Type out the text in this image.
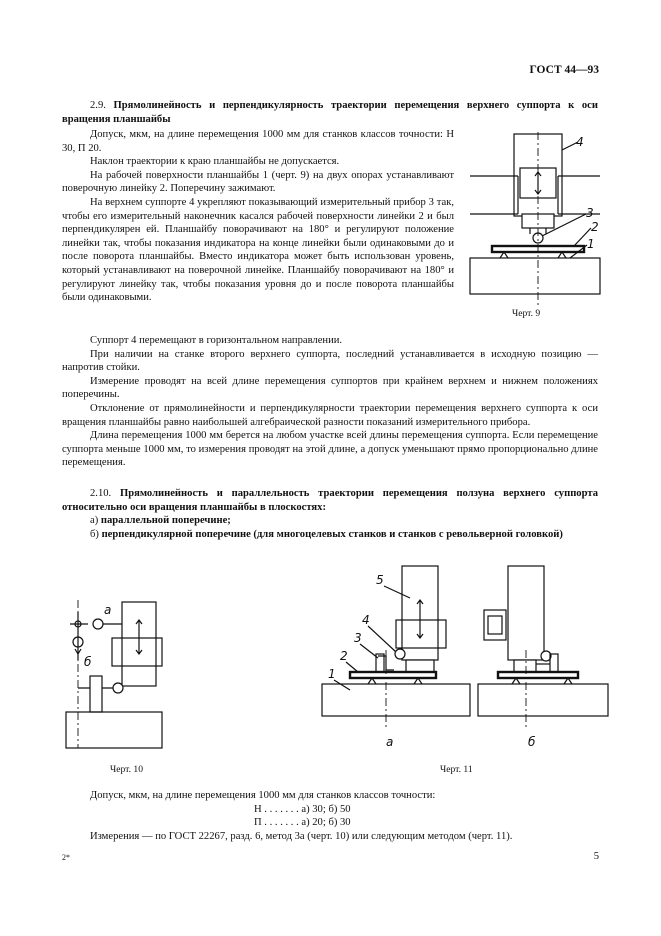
ГОСТ 44—93

2.9. Прямолинейность и перпендикулярность траектории перемещения верхнего суппорта к оси вращения планшайбы

Допуск, мкм, на длине перемещения 1000 мм для станков классов точности: Н 30, П 20.

Наклон траектории к краю планшайбы не допускается.

На рабочей поверхности планшайбы 1 (черт. 9) на двух опорах устанавливают поверочную линейку 2. Поперечину зажимают.

На верхнем суппорте 4 укрепляют показывающий измерительный прибор 3 так, чтобы его измерительный наконечник касался рабочей поверхности линейки 2 и был перпендикулярен ей. Планшайбу поворачивают на 180° и регулируют положение линейки так, чтобы показания индикатора на конце линейки были одинаковыми до и после поворота планшайбы. Вместо индикатора может быть использован уровень, который устанавливают на поверочной линейке. Планшайбу поворачивают на 180° и регулируют линейку так, чтобы показания уровня до и после поворота планшайбы были одинаковыми.

4
3
2
1
Черт. 9

Суппорт 4 перемещают в горизонтальном направлении.

При наличии на станке второго верхнего суппорта, последний устанавливается в исходную позицию — напротив стойки.

Измерение проводят на всей длине перемещения суппортов при крайнем верхнем и нижнем положениях поперечины.

Отклонение от прямолинейности и перпендикулярности траектории перемещения верхнего суппорта к оси вращения планшайбы равно наибольшей алгебраической разности показаний измерительного прибора.

Длина перемещения 1000 мм берется на любом участке всей длины перемещения суппорта. Если перемещение суппорта меньше 1000 мм, то измерения проводят на этой длине, а допуск уменьшают прямо пропорционально длине перемещения.

2.10. Прямолинейность и параллельность траектории перемещения ползуна верхнего суппорта относительно оси вращения планшайбы в плоскостях:

а) параллельной поперечине;

б) перпендикулярной поперечине (для многоцелевых станков и станков с револьверной головкой)

а
б
Черт. 10
5
4
3
2
1
а	б
Черт. 11

Допуск, мкм, на длине перемещения 1000 мм для станков классов точности:

Н . . . . . . . а) 30; б) 50
П . . . . . . . а) 20; б) 30

Измерения — по ГОСТ 22267, разд. 6, метод 3а (черт. 10) или следующим методом (черт. 11).

2*	5
